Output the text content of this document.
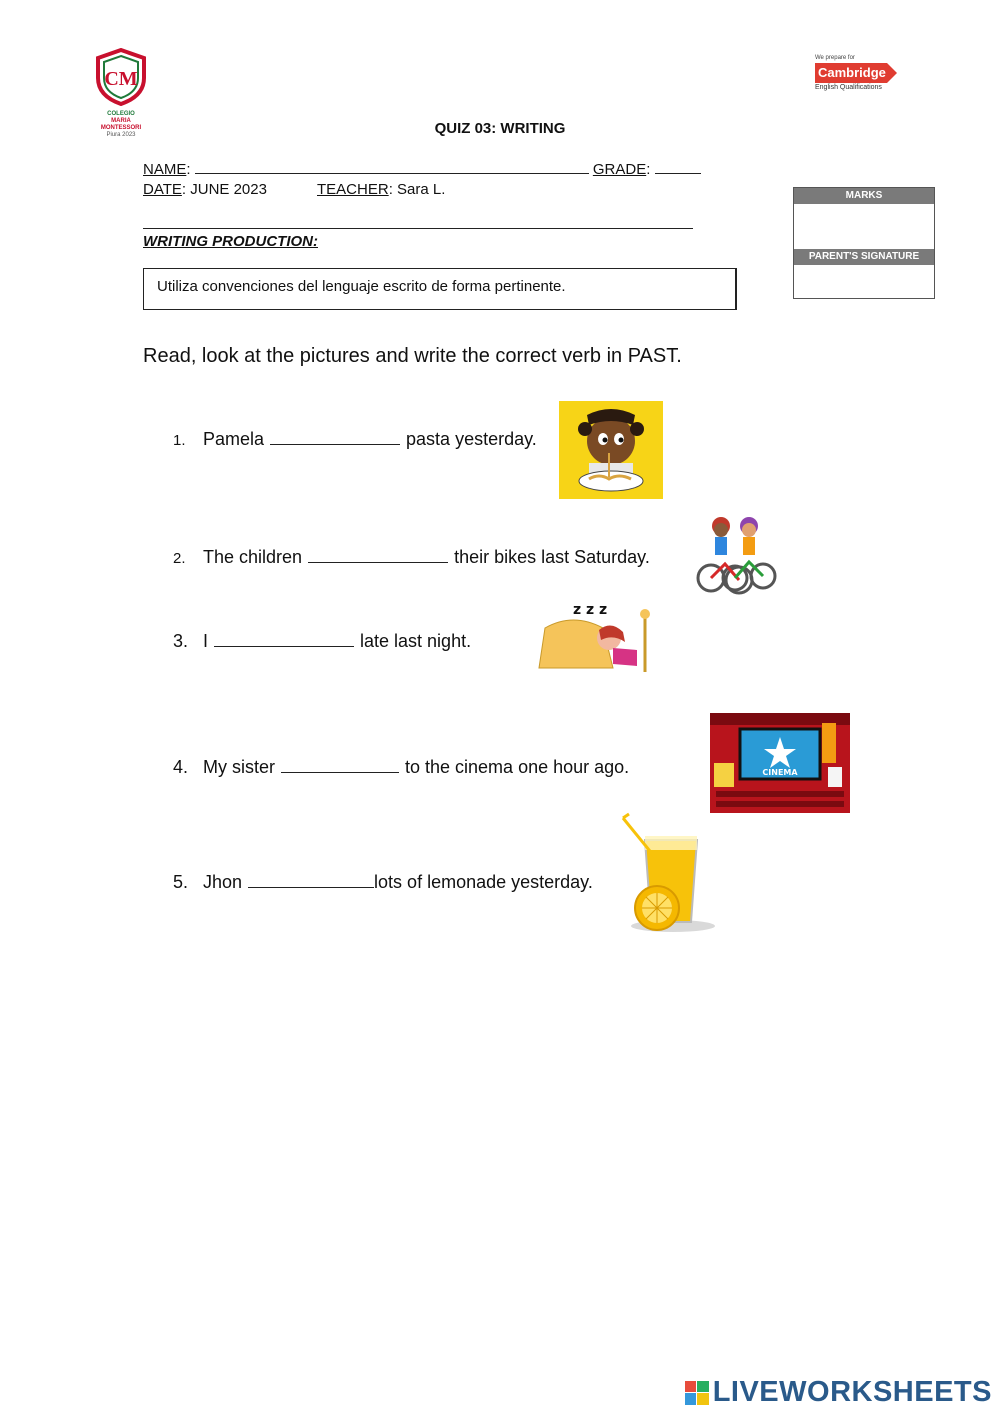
CM
COLEGIO
MARIA
MONTESSORI
Piura 2023
We prepare for
Cambridge
English Qualifications
QUIZ 03: WRITING
NAME:	GRADE:
DATE: JUNE 2023	TEACHER: Sara L.
WRITING PRODUCTION:
Utiliza convenciones del lenguaje escrito de forma pertinente.
MARKS
PARENT'S SIGNATURE
Read, look at the pictures and write the correct verb in PAST.
1. Pamela	pasta yesterday.
2. The children	their bikes last Saturday.
3. I	late last night.
z z z
4. My sister	to the cinema one hour ago.	CINEMA
5. Jhon	lots of lemonade yesterday.
LIVEWORKSHEETS
